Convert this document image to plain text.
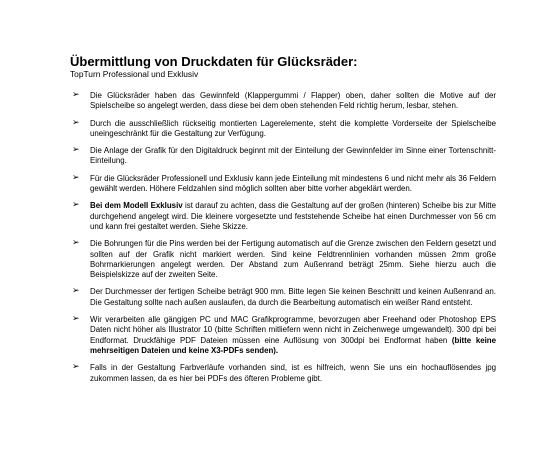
Übermittlung von Druckdaten für Glücksräder:

TopTurn Professional und Exklusiv

➢ Die Glücksräder haben das Gewinnfeld (Klappergummi / Flapper) oben, daher sollten die Motive auf der Spielscheibe so angelegt werden, dass diese bei dem oben stehenden Feld richtig herum, lesbar, stehen.
➢ Durch die ausschließlich rückseitig montierten Lagerelemente, steht die komplette Vorderseite der Spielscheibe uneingeschränkt für die Gestaltung zur Verfügung.
➢ Die Anlage der Grafik für den Digitaldruck beginnt mit der Einteilung der Gewinnfelder im Sinne einer Tortenschnitt-Einteilung.
➢ Für die Glücksräder Professionell und Exklusiv kann jede Einteilung mit mindestens 6 und nicht mehr als 36 Feldern gewählt werden. Höhere Feldzahlen sind möglich sollten aber bitte vorher abgeklärt werden.
➢ Bei dem Modell Exklusiv ist darauf zu achten, dass die Gestaltung auf der großen (hinteren) Scheibe bis zur Mitte durchgehend angelegt wird. Die kleinere vorgesetzte und feststehende Scheibe hat einen Durchmesser von 56 cm und kann frei gestaltet werden. Siehe Skizze.
➢ Die Bohrungen für die Pins werden bei der Fertigung automatisch auf die Grenze zwischen den Feldern gesetzt und sollten auf der Grafik nicht markiert werden. Sind keine Feldtrennlinien vorhanden müssen 2mm große Bohrmarkierungen angelegt werden. Der Abstand zum Außenrand beträgt 25mm. Siehe hierzu auch die Beispielskizze auf der zweiten Seite.
➢ Der Durchmesser der fertigen Scheibe beträgt 900 mm. Bitte legen Sie keinen Beschnitt und keinen Außenrand an. Die Gestaltung sollte nach außen auslaufen, da durch die Bearbeitung automatisch ein weißer Rand entsteht.
➢ Wir verarbeiten alle gängigen PC und MAC Grafikprogramme, bevorzugen aber Freehand oder Photoshop EPS Daten nicht höher als Illustrator 10 (bitte Schriften mitliefern wenn nicht in Zeichenwege umgewandelt). 300 dpi bei Endformat. Druckfähige PDF Dateien müssen eine Auflösung von 300dpi bei Endformat haben (bitte keine mehrseitigen Dateien und keine X3-PDFs senden).
➢ Falls in der Gestaltung Farbverläufe vorhanden sind, ist es hilfreich, wenn Sie uns ein hochauflösendes jpg zukommen lassen, da es hier bei PDFs des öfteren Probleme gibt.
